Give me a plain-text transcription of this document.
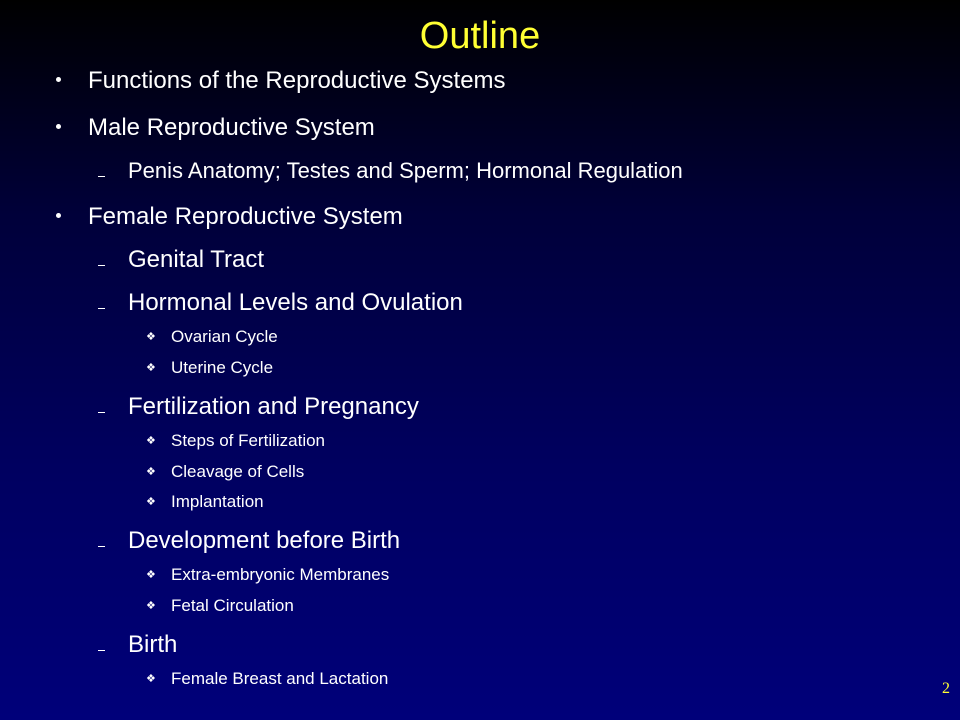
Outline
Functions of the Reproductive Systems
Male Reproductive System
Penis Anatomy; Testes and Sperm; Hormonal Regulation
Female Reproductive System
Genital Tract
Hormonal Levels and Ovulation
❖ Ovarian Cycle
❖ Uterine Cycle
Fertilization and Pregnancy
❖ Steps of Fertilization
❖ Cleavage of Cells
❖ Implantation
Development before Birth
❖ Extra-embryonic Membranes
❖ Fetal Circulation
Birth
❖ Female Breast and Lactation
2
